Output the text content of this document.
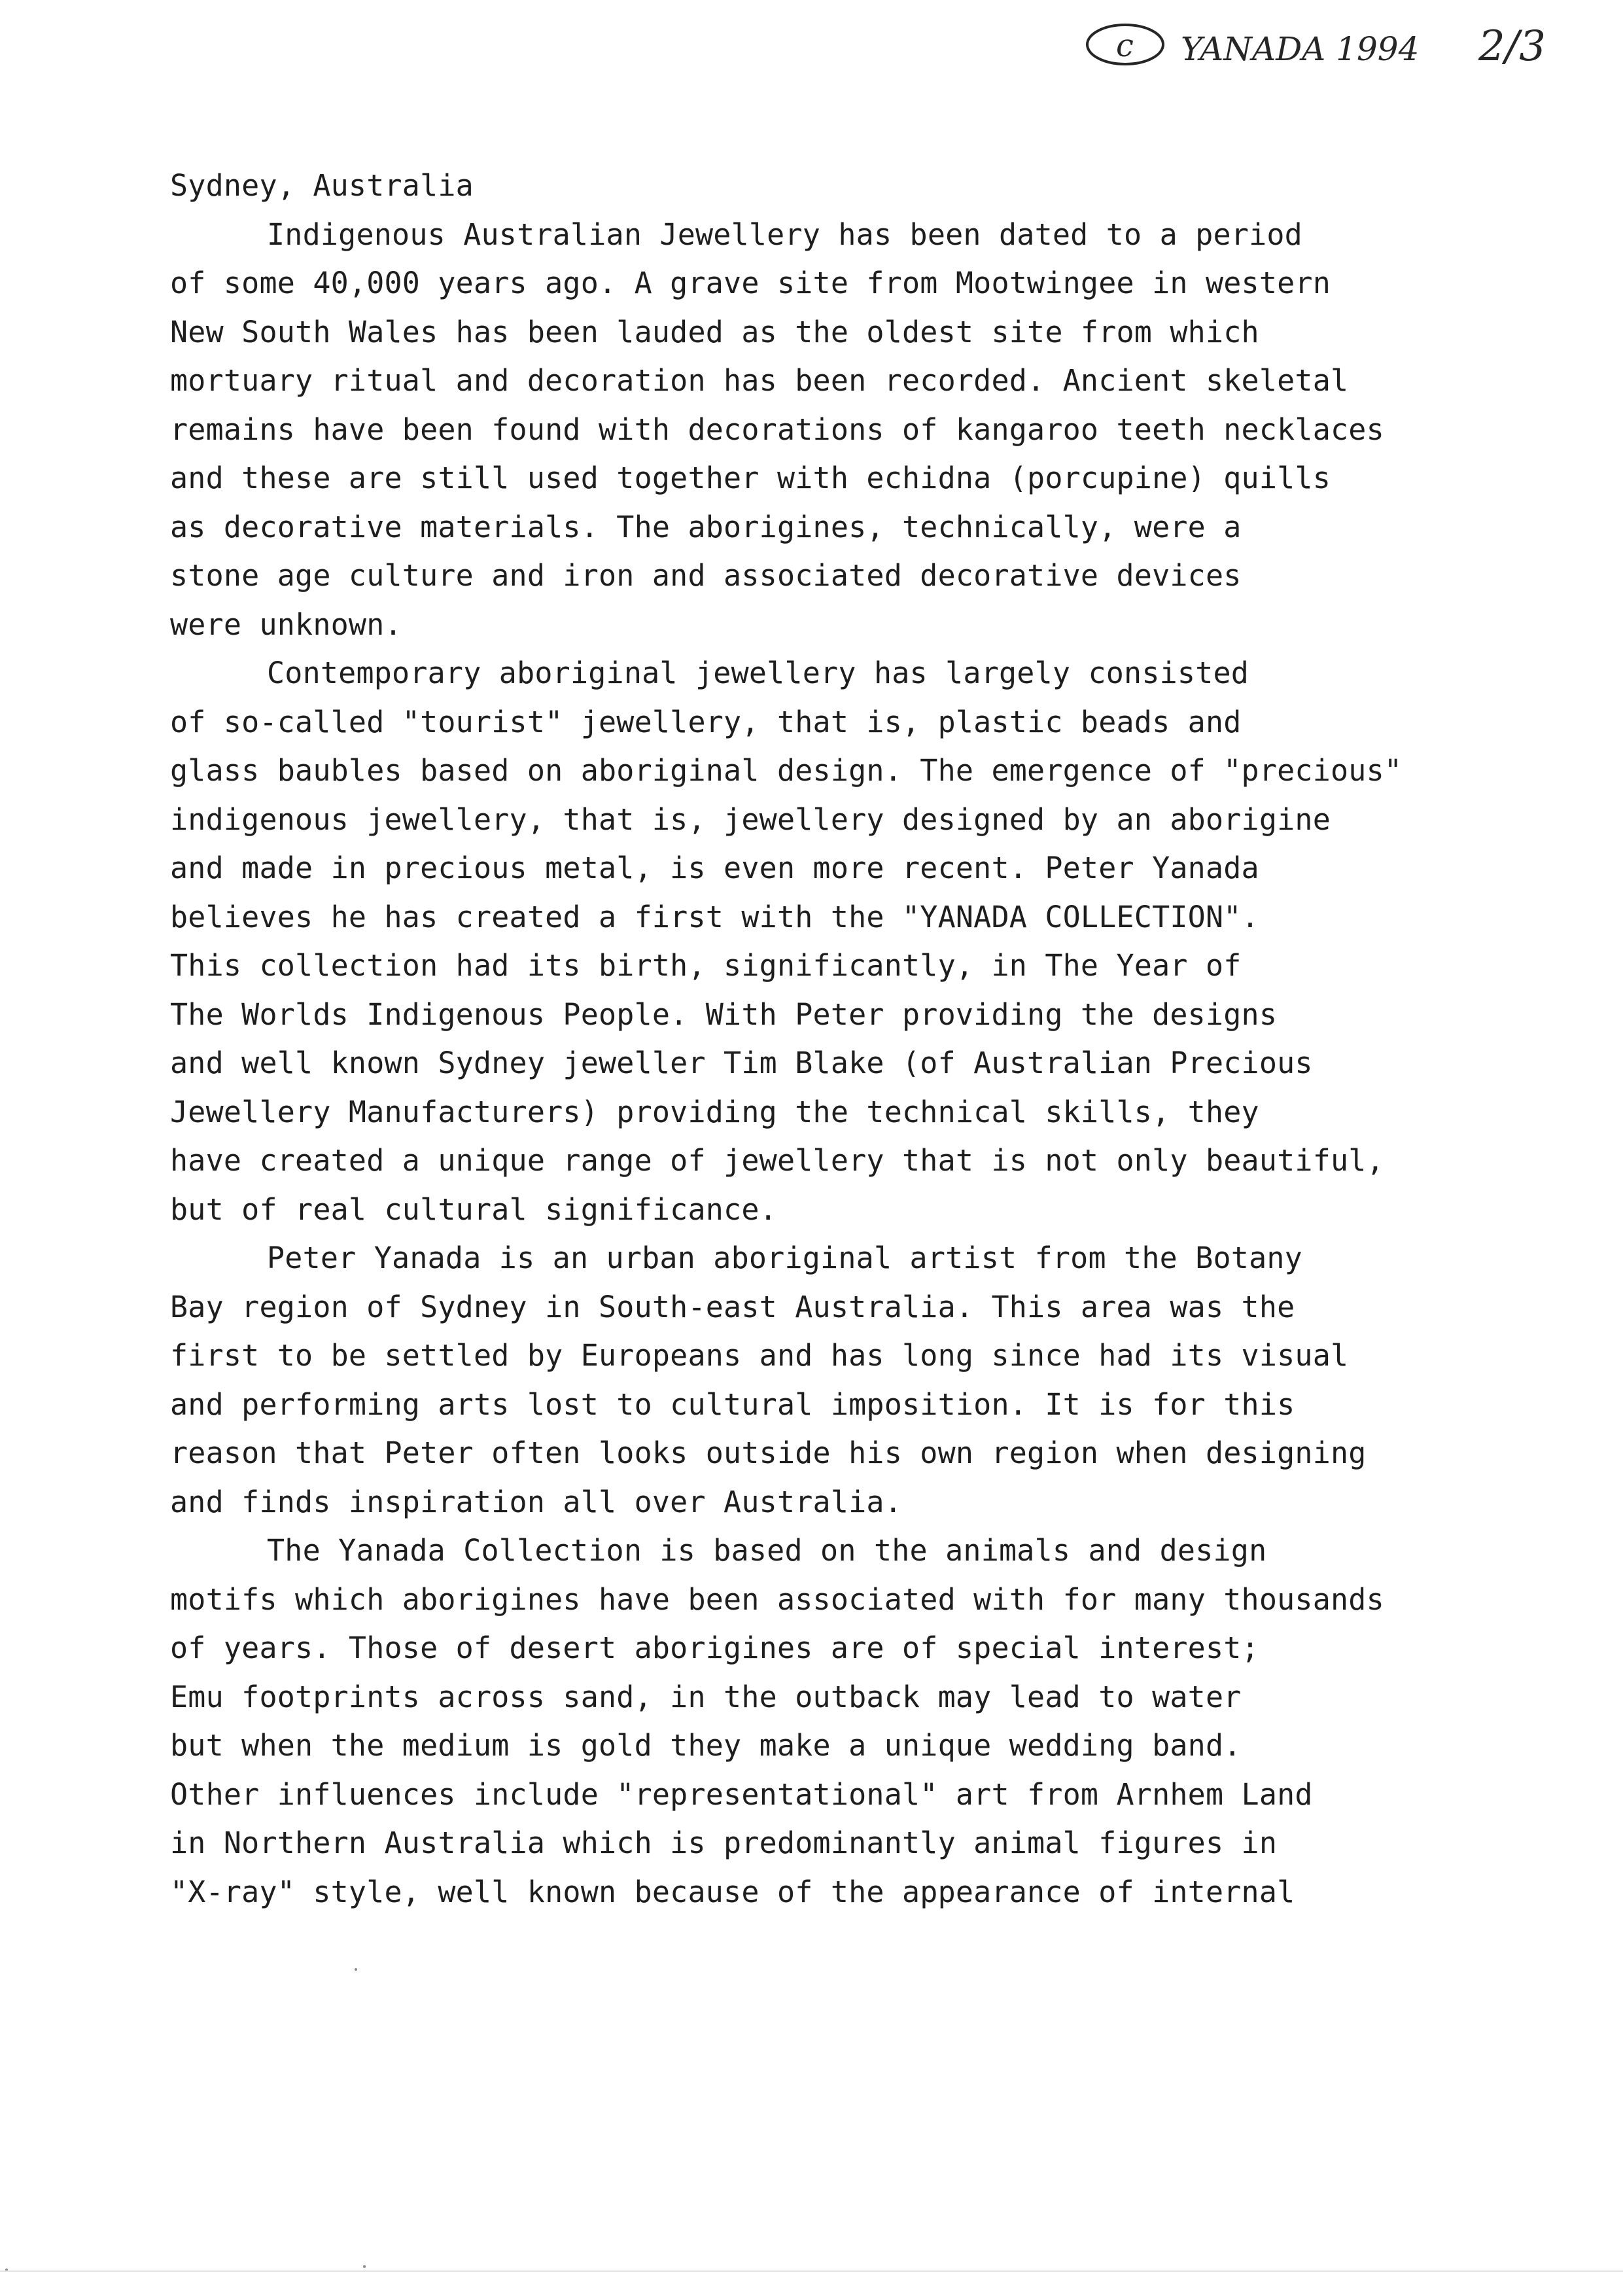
c YANADA 1994 2/3
Sydney, Australia
Indigenous Australian Jewellery has been dated to a period
of some 40,000 years ago. A grave site from Mootwingee in western
New South Wales has been lauded as the oldest site from which
mortuary ritual and decoration has been recorded. Ancient skeletal
remains have been found with decorations of kangaroo teeth necklaces
and these are still used together with echidna (porcupine) quills
as decorative materials. The aborigines, technically, were a
stone age culture and iron and associated decorative devices
were unknown.
Contemporary aboriginal jewellery has largely consisted
of so-called "tourist" jewellery, that is, plastic beads and
glass baubles based on aboriginal design. The emergence of "precious"
indigenous jewellery, that is, jewellery designed by an aborigine
and made in precious metal, is even more recent. Peter Yanada
believes he has created a first with the "YANADA COLLECTION".
This collection had its birth, significantly, in The Year of
The Worlds Indigenous People. With Peter providing the designs
and well known Sydney jeweller Tim Blake (of Australian Precious
Jewellery Manufacturers) providing the technical skills, they
have created a unique range of jewellery that is not only beautiful,
but of real cultural significance.
Peter Yanada is an urban aboriginal artist from the Botany
Bay region of Sydney in South-east Australia. This area was the
first to be settled by Europeans and has long since had its visual
and performing arts lost to cultural imposition. It is for this
reason that Peter often looks outside his own region when designing
and finds inspiration all over Australia.
The Yanada Collection is based on the animals and design
motifs which aborigines have been associated with for many thousands
of years. Those of desert aborigines are of special interest;
Emu footprints across sand, in the outback may lead to water
but when the medium is gold they make a unique wedding band.
Other influences include "representational" art from Arnhem Land
in Northern Australia which is predominantly animal figures in
"X-ray" style, well known because of the appearance of internal
